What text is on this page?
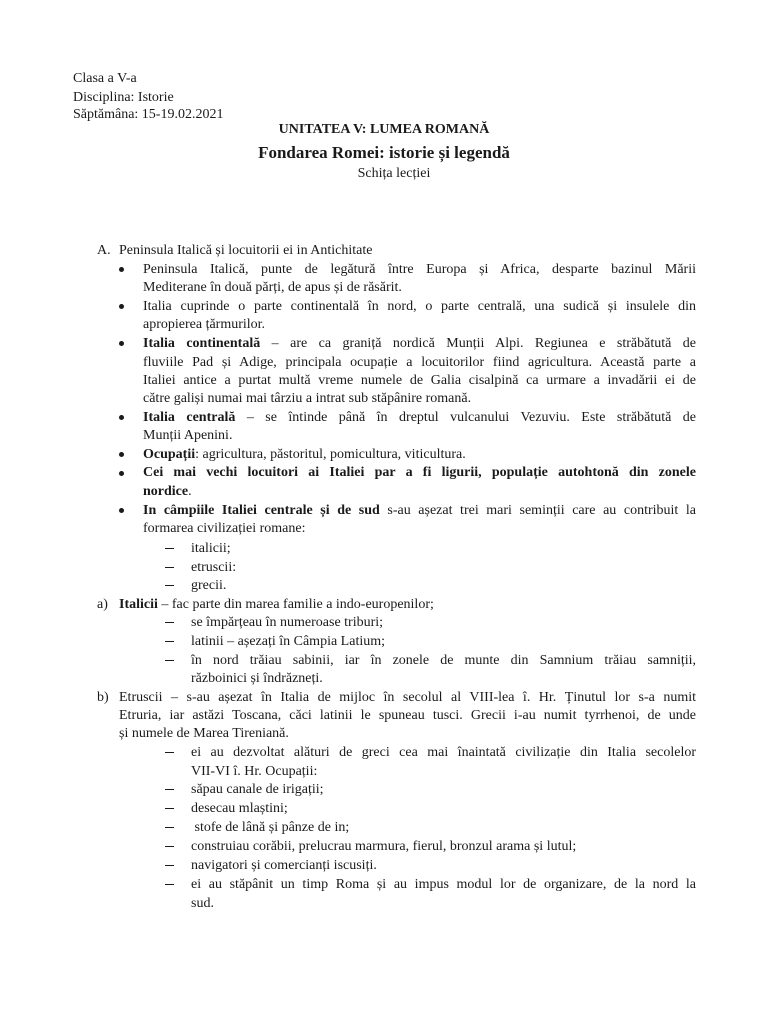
Clasa a V-a
Disciplina: Istorie
Săptămâna: 15-19.02.2021
UNITATEA V: LUMEA ROMANĂ
Fondarea Romei: istorie și legendă
Schița lecției
A. Peninsula Italică și locuitorii ei in Antichitate
Peninsula Italică, punte de legătură între Europa și Africa, desparte bazinul Mării
Mediterane în două părți, de apus și de răsărit.
Italia cuprinde o parte continentală în nord, o parte centrală, una sudică și insulele din
apropierea țărmurilor.
Italia continentală – are ca graniță nordică Munții Alpi. Regiunea e străbătută de
fluviile Pad și Adige, principala ocupație a locuitorilor fiind agricultura. Această parte a
Italiei antice a purtat multă vreme numele de Galia cisalpină ca urmare a invadării ei de
către galiși numai mai târziu a intrat sub stăpânire romană.
Italia centrală – se întinde până în dreptul vulcanului Vezuviu. Este străbătută de
Munții Apenini.
Ocupații: agricultura, păstoritul, pomicultura, viticultura.
Cei mai vechi locuitori ai Italiei par a fi ligurii, populație autohtonă din zonele
nordice.
In câmpiile Italiei centrale și de sud s-au așezat trei mari seminții care au contribuit la
formarea civilizației romane:
italicii;
etruscii:
grecii.
a) Italicii – fac parte din marea familie a indo-europenilor;
se împărțeau în numeroase triburi;
latinii – așezați în Câmpia Latium;
în nord trăiau sabinii, iar în zonele de munte din Samnium trăiau samniții,
războinici și îndrăzneți.
b) Etruscii – s-au așezat în Italia de mijloc în secolul al VIII-lea î. Hr. Ținutul lor s-a numit
Etruria, iar astăzi Toscana, căci latinii le spuneau tusci. Grecii i-au numit tyrrhenoi, de unde
și numele de Marea Tireniană.
ei au dezvoltat alături de greci cea mai înaintată civilizație din Italia secolelor
VII-VI î. Hr. Ocupații:
săpau canale de irigații;
desecau mlaștini;
stofe de lână și pânze de in;
construiau corăbii, prelucrau marmura, fierul, bronzul arama și lutul;
navigatori și comercianți iscusiți.
ei au stăpânit un timp Roma și au impus modul lor de organizare, de la nord la
sud.
